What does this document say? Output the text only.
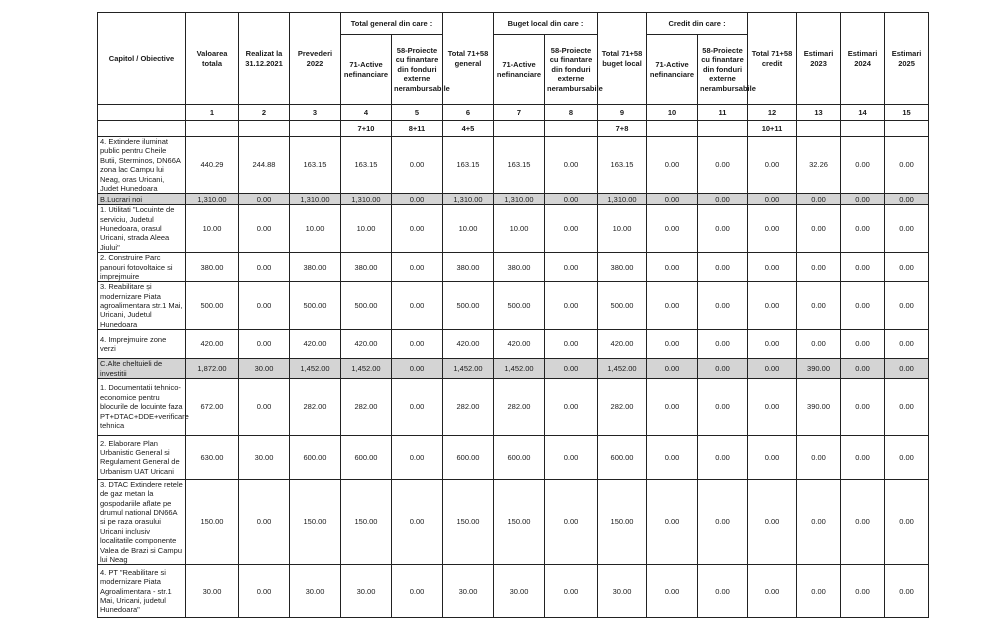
Capitol / Obiective	Valoarea totala	Realizat la 31.12.2021	Prevederi 2022	Total general din care :		Total 71+58 general	Buget local din care :		Total 71+58 buget local	Credit din care :		Total 71+58 credit	Estimari 2023	Estimari 2024	Estimari 2025
				71-Active nefinanciare	58-Proiecte cu finantare din fonduri externe nerambursabile		71-Active nefinanciare	58-Proiecte cu finantare din fonduri externe nerambursabile		71-Active nefinanciare	58-Proiecte cu finantare din fonduri externe nerambursabile				
	1	2	3	4	5	6	7	8	9	10	11	12	13	14	15
				7+10	8+11	4+5			7+8			10+11			
4. Extindere iluminat public pentru Cheile Butii, Sterminos, DN66A zona lac Campu lui Neag, oras Uricani, Judet Hunedoara	440.29	244.88	163.15	163.15	0.00	163.15	163.15	0.00	163.15	0.00	0.00	0.00	32.26	0.00	0.00
B.Lucrari noi	1,310.00	0.00	1,310.00	1,310.00	0.00	1,310.00	1,310.00	0.00	1,310.00	0.00	0.00	0.00	0.00	0.00	0.00
1. Utilitati "Locuinte de serviciu, Judetul Hunedoara, orasul Uricani, strada Aleea Jiului"	10.00	0.00	10.00	10.00	0.00	10.00	10.00	0.00	10.00	0.00	0.00	0.00	0.00	0.00	0.00
2. Construire Parc panouri fotovoltaice si imprejmuire	380.00	0.00	380.00	380.00	0.00	380.00	380.00	0.00	380.00	0.00	0.00	0.00	0.00	0.00	0.00
3. Reabilitare și modernizare Piata agroalimentara str.1 Mai, Uricani, Judetul Hunedoara	500.00	0.00	500.00	500.00	0.00	500.00	500.00	0.00	500.00	0.00	0.00	0.00	0.00	0.00	0.00
4. Imprejmuire zone verzi	420.00	0.00	420.00	420.00	0.00	420.00	420.00	0.00	420.00	0.00	0.00	0.00	0.00	0.00	0.00
C.Alte cheltuieli de investitii	1,872.00	30.00	1,452.00	1,452.00	0.00	1,452.00	1,452.00	0.00	1,452.00	0.00	0.00	0.00	390.00	0.00	0.00
1. Documentatii tehnico-economice pentru blocurile de locuinte faza PT+DTAC+DDE+verificare tehnica	672.00	0.00	282.00	282.00	0.00	282.00	282.00	0.00	282.00	0.00	0.00	0.00	390.00	0.00	0.00
2. Elaborare Plan Urbanistic General si Regulament General de Urbanism UAT Uricani	630.00	30.00	600.00	600.00	0.00	600.00	600.00	0.00	600.00	0.00	0.00	0.00	0.00	0.00	0.00
3. DTAC Extindere retele de gaz metan la gospodariile aflate pe drumul national DN66A si pe raza orasului Uricani inclusiv localitatile componente Valea de Brazi si Campu lui Neag	150.00	0.00	150.00	150.00	0.00	150.00	150.00	0.00	150.00	0.00	0.00	0.00	0.00	0.00	0.00
4. PT "Reabilitare si modernizare Piata Agroalimentara - str.1 Mai, Uricani, judetul Hunedoara"	30.00	0.00	30.00	30.00	0.00	30.00	30.00	0.00	30.00	0.00	0.00	0.00	0.00	0.00	0.00
